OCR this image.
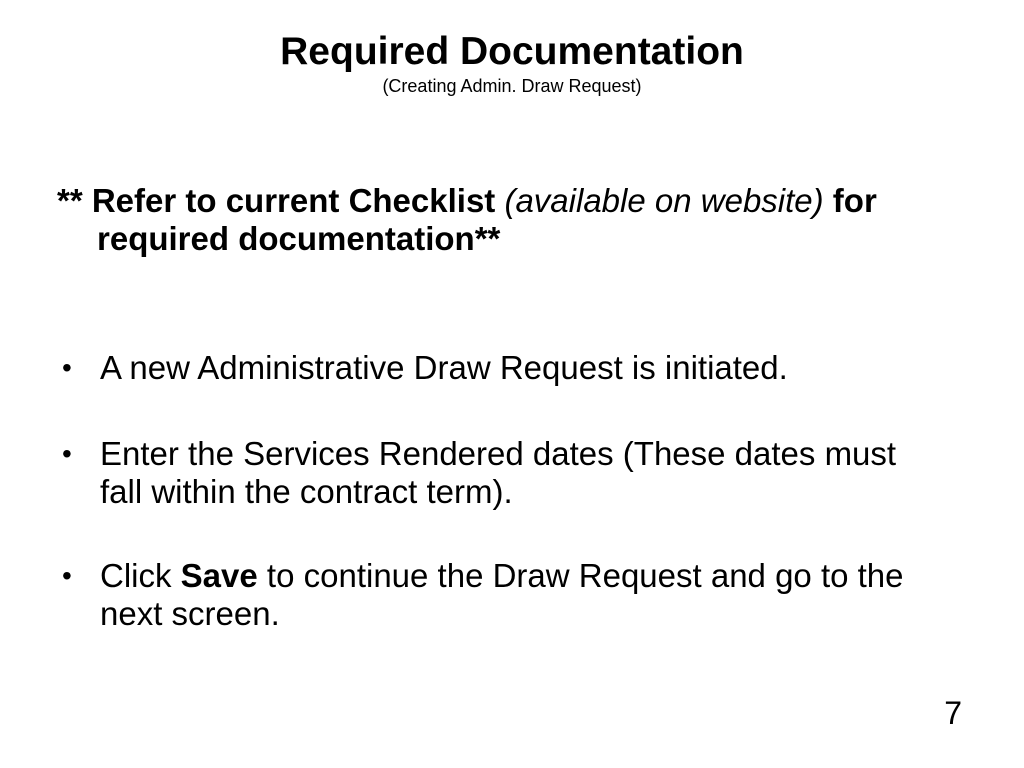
Required Documentation
(Creating Admin. Draw Request)
** Refer to current Checklist (available on website) for
required documentation**
• A new Administrative Draw Request is initiated.
• Enter the Services Rendered dates (These dates must
fall within the contract term).
• Click Save to continue the Draw Request and go to the
next screen.
7
